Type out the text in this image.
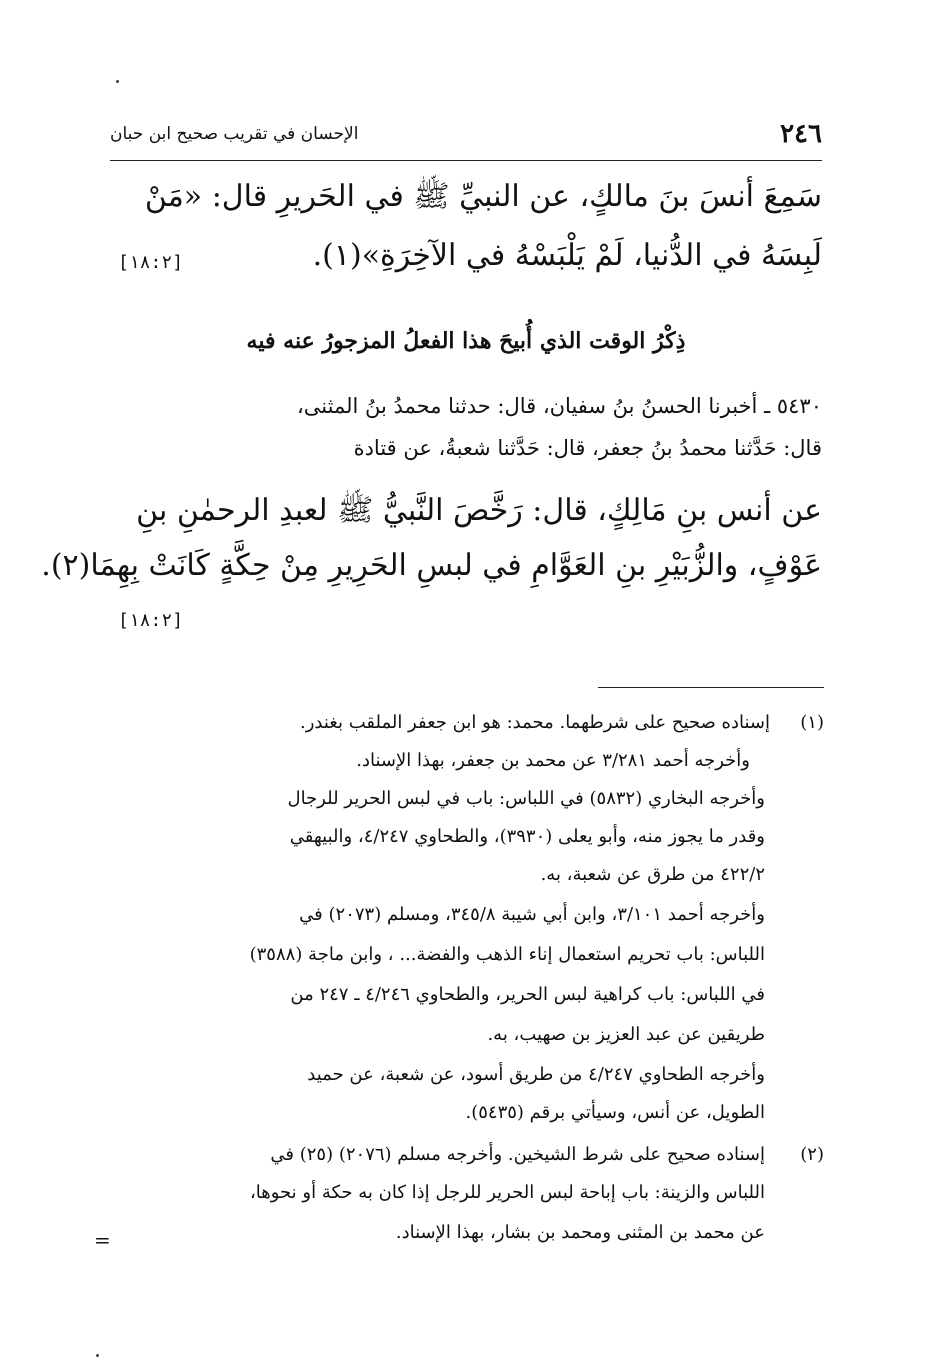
٢٤٦
الإحسان في تقريب صحيح ابن حبان
سَمِعَ أنسَ بنَ مالكٍ، عن النبيِّ ﷺ في الحَريرِ قال: «مَنْ
لَبِسَهُ في الدُّنيا، لَمْ يَلْبَسْهُ في الآخِرَةِ»(١).
[١٨:٢]
ذِكْرُ الوقت الذي أُبيحَ هذا الفعلُ المزجورُ عنه فيه
٥٤٣٠ ـ أخبرنا الحسنُ بنُ سفيان، قال: حدثنا محمدُ بنُ المثنى،
قال: حَدَّثنا محمدُ بنُ جعفر، قال: حَدَّثنا شعبةُ، عن قتادة
عن أنس بنِ مَالِكٍ، قال: رَخَّصَ النَّبيُّ ﷺ لعبدِ الرحمٰنِ بنِ
عَوْفٍ، والزُّبَيْرِ بنِ العَوَّامِ في لبسِ الحَرِيرِ مِنْ حِكَّةٍ كَانَتْ بِهِمَا(٢).
[١٨:٢]
(١)
إسناده صحيح على شرطهما. محمد: هو ابن جعفر الملقب بغندر.
وأخرجه أحمد ٣/٢٨١ عن محمد بن جعفر، بهذا الإسناد.
وأخرجه البخاري (٥٨٣٢) في اللباس: باب في لبس الحرير للرجال
وقدر ما يجوز منه، وأبو يعلى (٣٩٣٠)، والطحاوي ٤/٢٤٧، والبيهقي
٤٢٢/٢ من طرق عن شعبة، به.
وأخرجه أحمد ٣/١٠١، وابن أبي شيبة ٣٤٥/٨، ومسلم (٢٠٧٣) في
اللباس: باب تحريم استعمال إناء الذهب والفضة... ، وابن ماجة (٣٥٨٨)
في اللباس: باب كراهية لبس الحرير، والطحاوي ٤/٢٤٦ ـ ٢٤٧ من
طريقين عن عبد العزيز بن صهيب، به.
وأخرجه الطحاوي ٤/٢٤٧ من طريق أسود، عن شعبة، عن حميد
الطويل، عن أنس، وسيأتي برقم (٥٤٣٥).
(٢)
إسناده صحيح على شرط الشيخين. وأخرجه مسلم (٢٠٧٦) (٢٥) في
اللباس والزينة: باب إباحة لبس الحرير للرجل إذا كان به حكة أو نحوها،
عن محمد بن المثنى ومحمد بن بشار، بهذا الإسناد.
=
